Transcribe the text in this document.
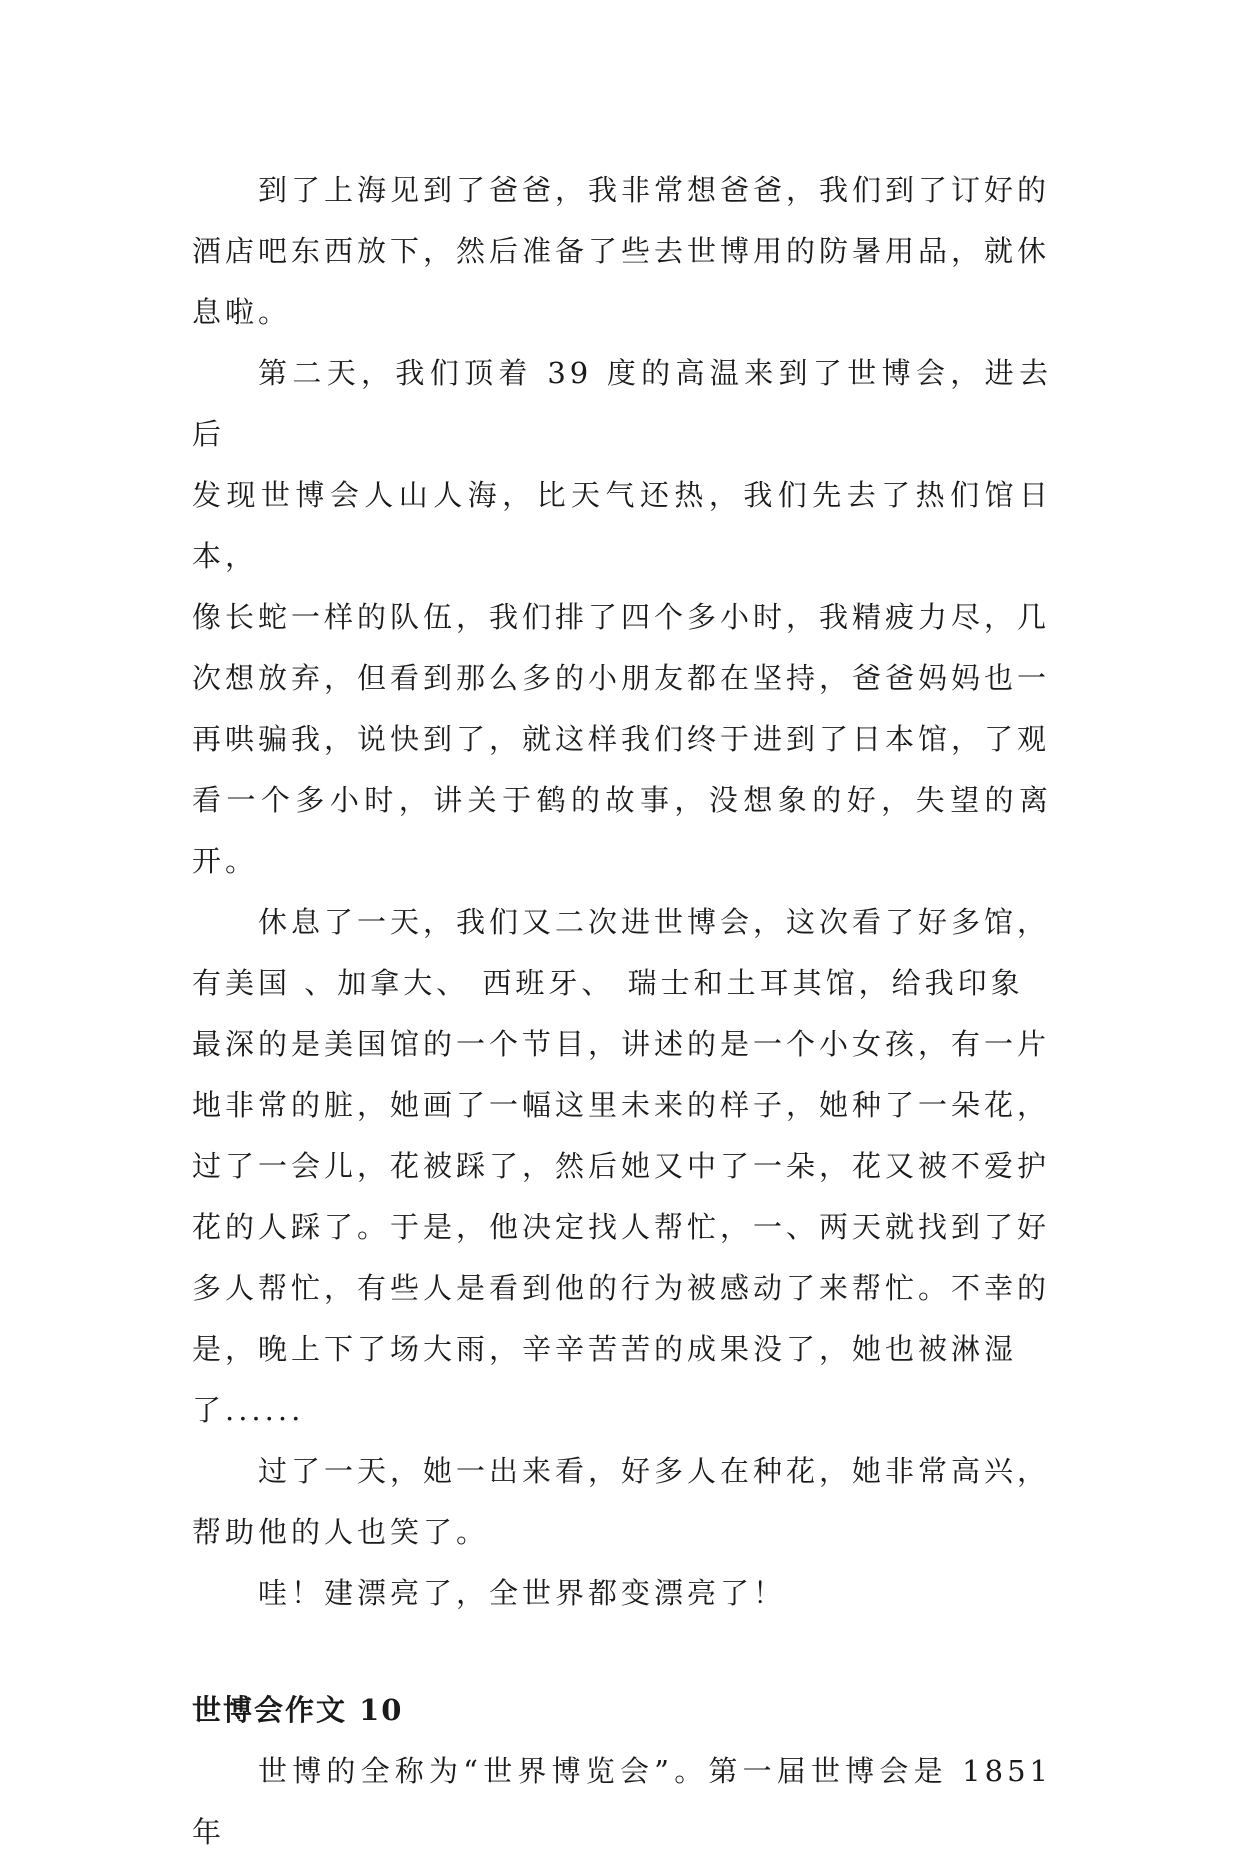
到了上海见到了爸爸，我非常想爸爸，我们到了订好的
酒店吧东西放下，然后准备了些去世博用的防暑用品，就休
息啦。

第二天，我们顶着 39 度的高温来到了世博会，进去后
发现世博会人山人海，比天气还热，我们先去了热们馆日本，
像长蛇一样的队伍，我们排了四个多小时，我精疲力尽，几
次想放弃，但看到那么多的小朋友都在坚持，爸爸妈妈也一
再哄骗我，说快到了，就这样我们终于进到了日本馆，了观
看一个多小时，讲关于鹤的故事，没想象的好，失望的离开。

休息了一天，我们又二次进世博会，这次看了好多馆，
有美国 、加拿大、 西班牙、 瑞士和土耳其馆，给我印象
最深的是美国馆的一个节目，讲述的是一个小女孩，有一片
地非常的脏，她画了一幅这里未来的样子，她种了一朵花，
过了一会儿，花被踩了，然后她又中了一朵，花又被不爱护
花的人踩了。于是，他决定找人帮忙，一、两天就找到了好
多人帮忙，有些人是看到他的行为被感动了来帮忙。不幸的
是，晚上下了场大雨，辛辛苦苦的成果没了，她也被淋湿
了......

过了一天，她一出来看，好多人在种花，她非常高兴，
帮助他的人也笑了。

哇！建漂亮了，全世界都变漂亮了！

世博会作文 10

世博的全称为“世界博览会”。第一届世博会是 1851 年
